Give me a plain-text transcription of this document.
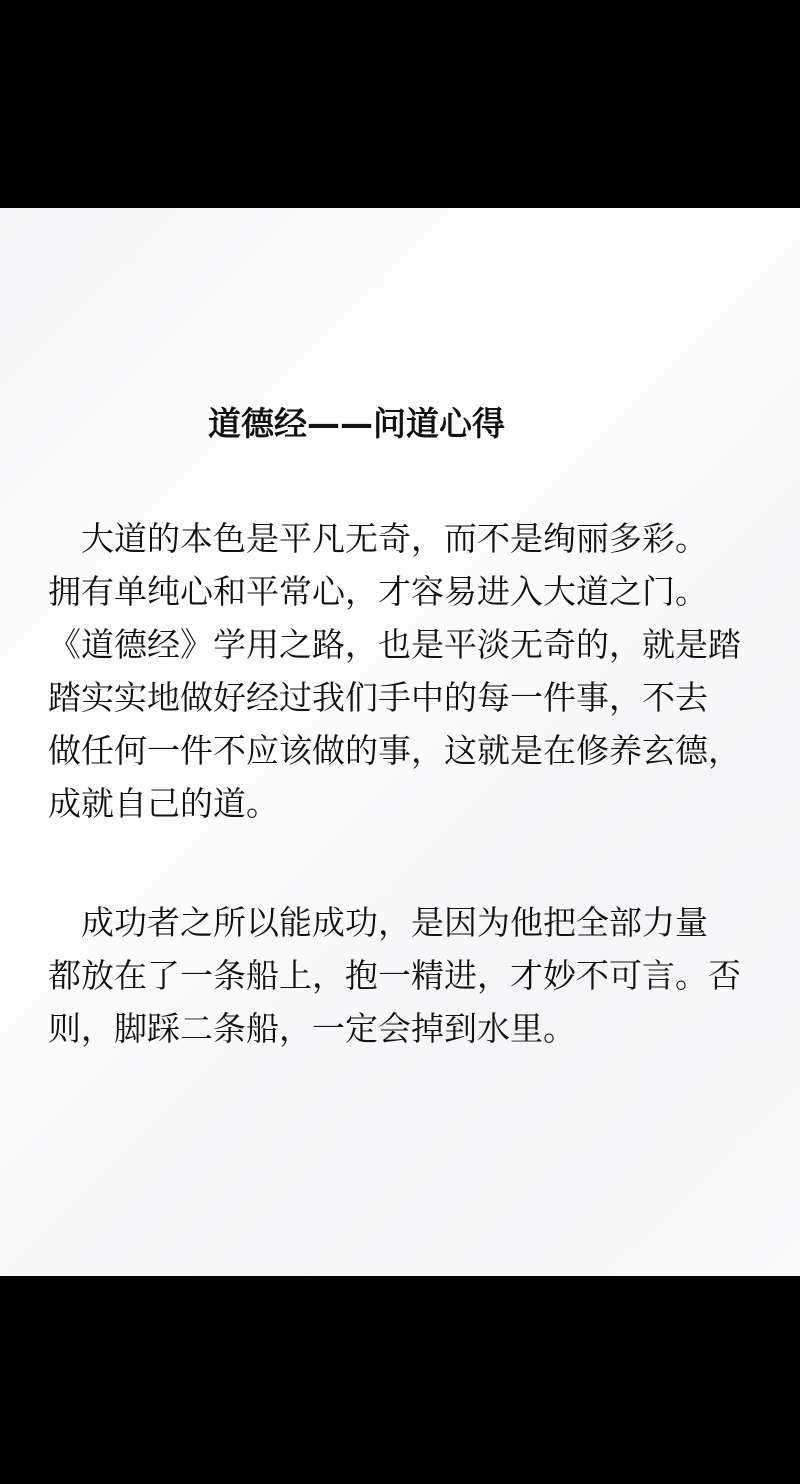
道德经——问道心得

　大道的本色是平凡无奇，而不是绚丽多彩。
拥有单纯心和平常心，才容易进入大道之门。
《道德经》学用之路，也是平淡无奇的，就是踏
踏实实地做好经过我们手中的每一件事，不去
做任何一件不应该做的事，这就是在修养玄德，
成就自己的道。

　成功者之所以能成功，是因为他把全部力量
都放在了一条船上，抱一精进，才妙不可言。否
则，脚踩二条船，一定会掉到水里。
